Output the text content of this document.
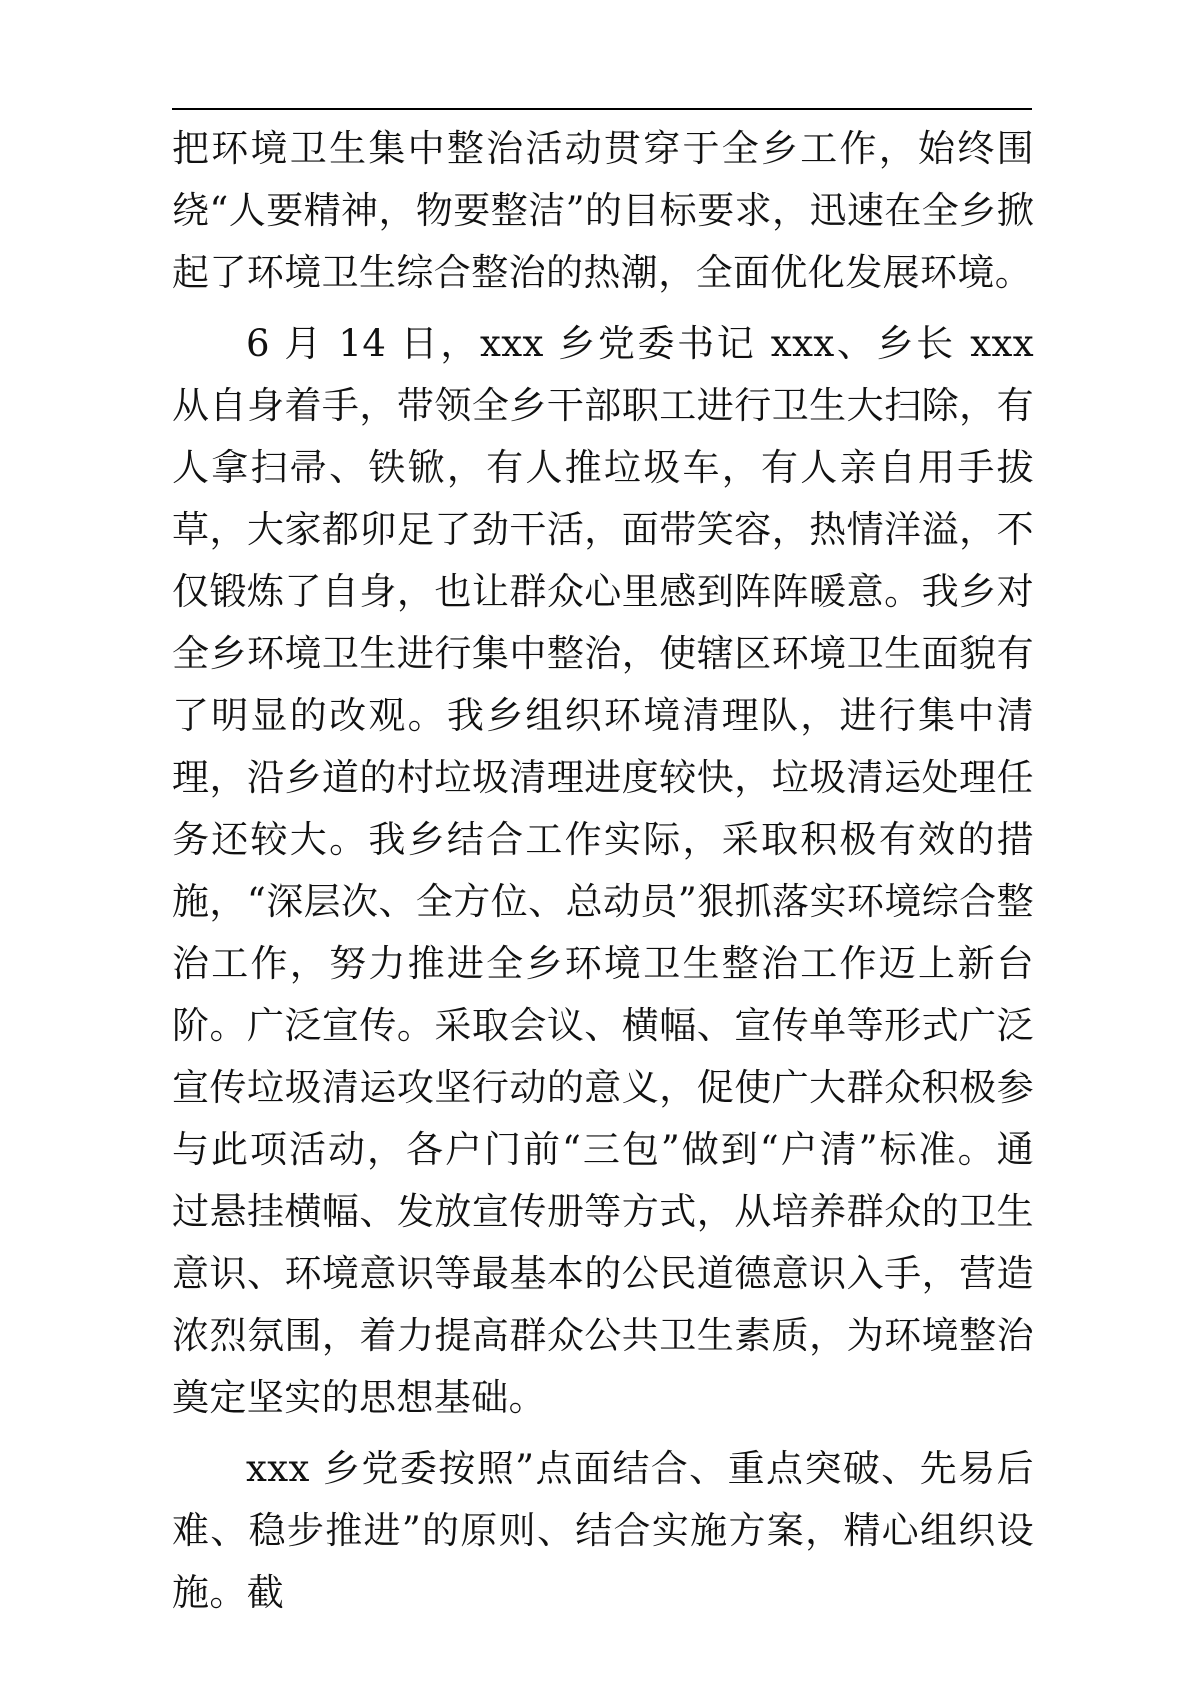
把环境卫生集中整治活动贯穿于全乡工作，始终围绕“人要精神，物要整洁”的目标要求，迅速在全乡掀起了环境卫生综合整治的热潮，全面优化发展环境。

6 月 14 日，xxx 乡党委书记 xxx、乡长 xxx 从自身着手，带领全乡干部职工进行卫生大扫除，有人拿扫帚、铁锨，有人推垃圾车，有人亲自用手拔草，大家都卯足了劲干活，面带笑容，热情洋溢，不仅锻炼了自身，也让群众心里感到阵阵暖意。我乡对全乡环境卫生进行集中整治，使辖区环境卫生面貌有了明显的改观。我乡组织环境清理队，进行集中清理，沿乡道的村垃圾清理进度较快，垃圾清运处理任务还较大。我乡结合工作实际，采取积极有效的措施，“深层次、全方位、总动员”狠抓落实环境综合整治工作，努力推进全乡环境卫生整治工作迈上新台阶。广泛宣传。采取会议、横幅、宣传单等形式广泛宣传垃圾清运攻坚行动的意义，促使广大群众积极参与此项活动，各户门前“三包”做到“户清”标准。通过悬挂横幅、发放宣传册等方式，从培养群众的卫生意识、环境意识等最基本的公民道德意识入手，营造浓烈氛围，着力提高群众公共卫生素质，为环境整治奠定坚实的思想基础。

xxx 乡党委按照”点面结合、重点突破、先易后难、稳步推进”的原则、结合实施方案，精心组织设施。截
